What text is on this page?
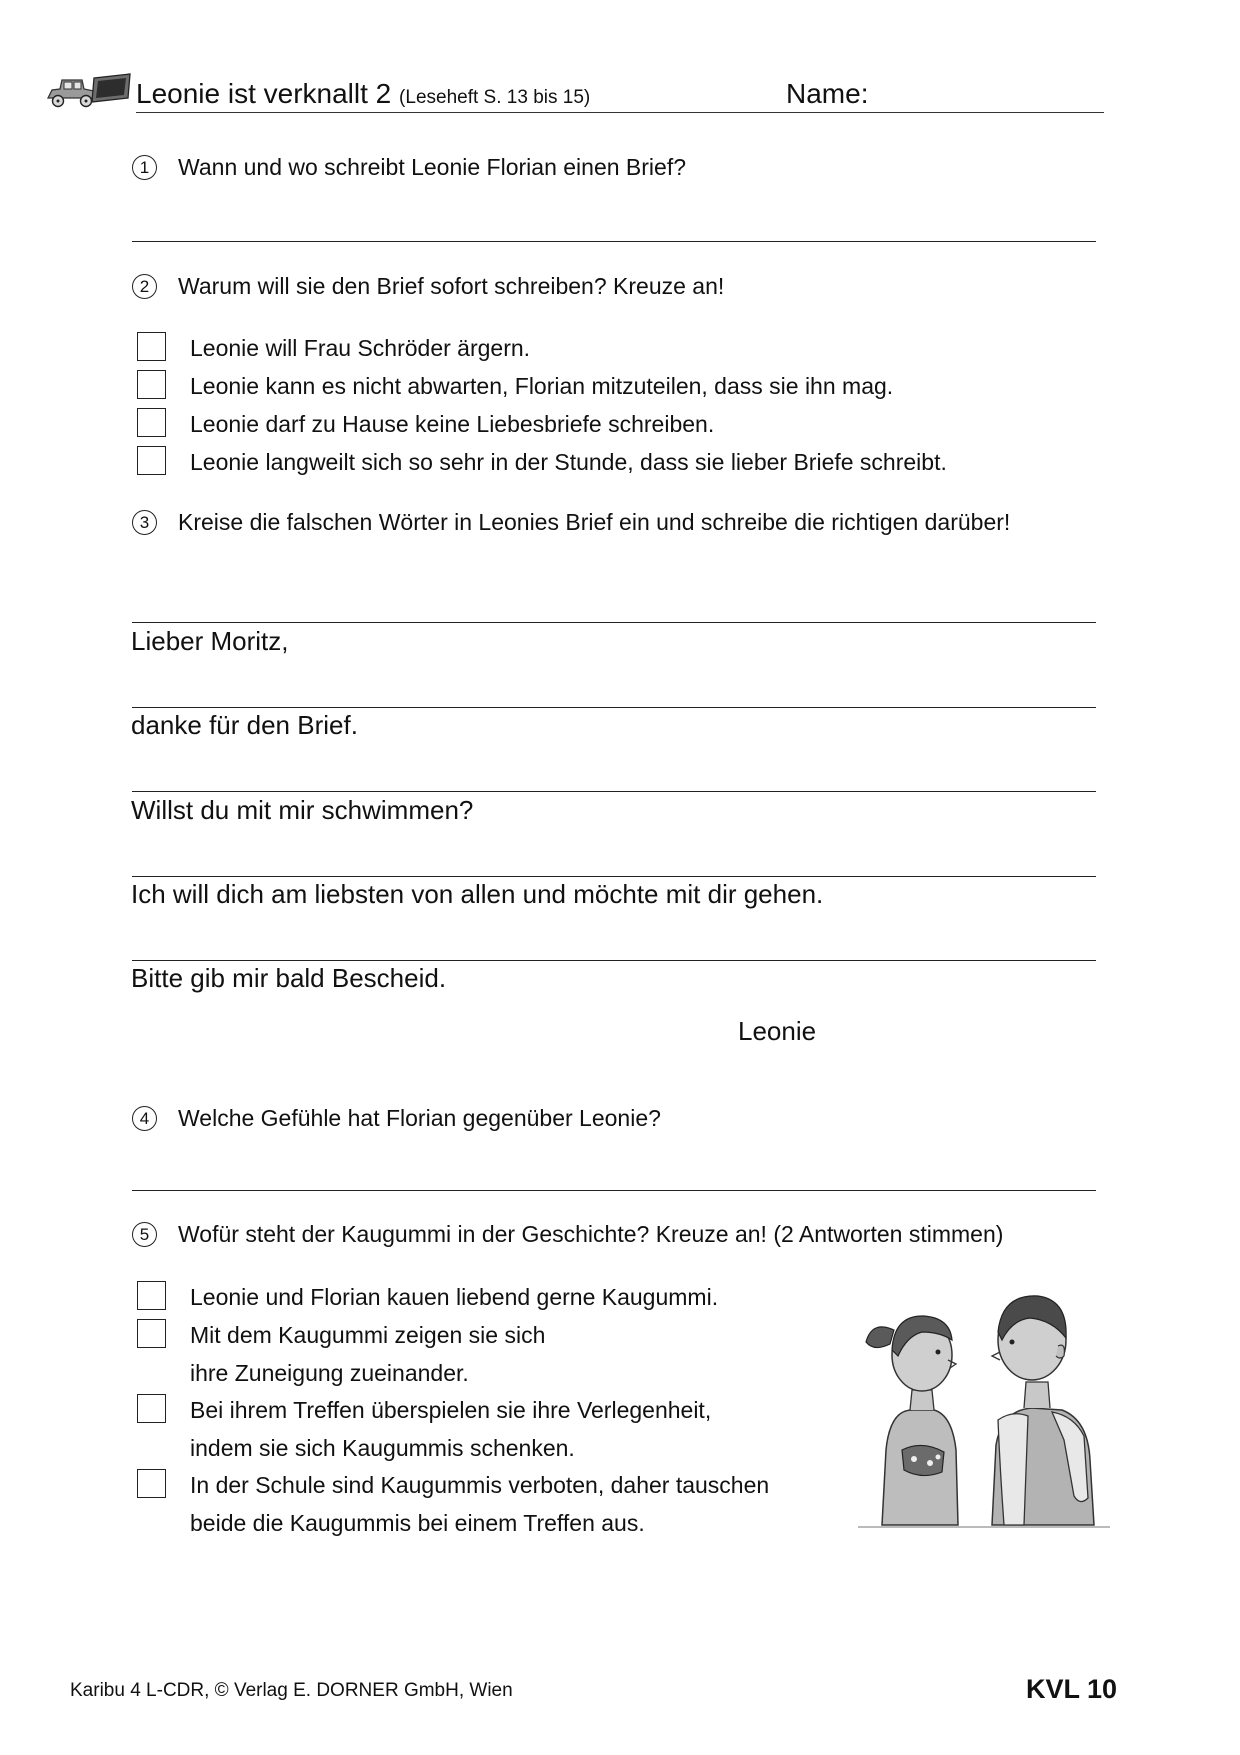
Leonie ist verknallt 2 (Leseheft S. 13 bis 15)	Name:
1	Wann und wo schreibt Leonie Florian einen Brief?
2	Warum will sie den Brief sofort schreiben? Kreuze an!
Leonie will Frau Schröder ärgern.
Leonie kann es nicht abwarten, Florian mitzuteilen, dass sie ihn mag.
Leonie darf zu Hause keine Liebesbriefe schreiben.
Leonie langweilt sich so sehr in der Stunde, dass sie lieber Briefe schreibt.
3	Kreise die falschen Wörter in Leonies Brief ein und schreibe die richtigen darüber!
Lieber Moritz,
danke für den Brief.
Willst du mit mir schwimmen?
Ich will dich am liebsten von allen und möchte mit dir gehen.
Bitte gib mir bald Bescheid.
Leonie
4	Welche Gefühle hat Florian gegenüber Leonie?
5	Wofür steht der Kaugummi in der Geschichte? Kreuze an! (2 Antworten stimmen)
Leonie und Florian kauen liebend gerne Kaugummi.
Mit dem Kaugummi zeigen sie sich
ihre Zuneigung zueinander.
Bei ihrem Treffen überspielen sie ihre Verlegenheit,
indem sie sich Kaugummis schenken.
In der Schule sind Kaugummis verboten, daher tauschen
beide die Kaugummis bei einem Treffen aus.
Karibu 4 L-CDR, © Verlag E. DORNER GmbH, Wien	KVL 10
